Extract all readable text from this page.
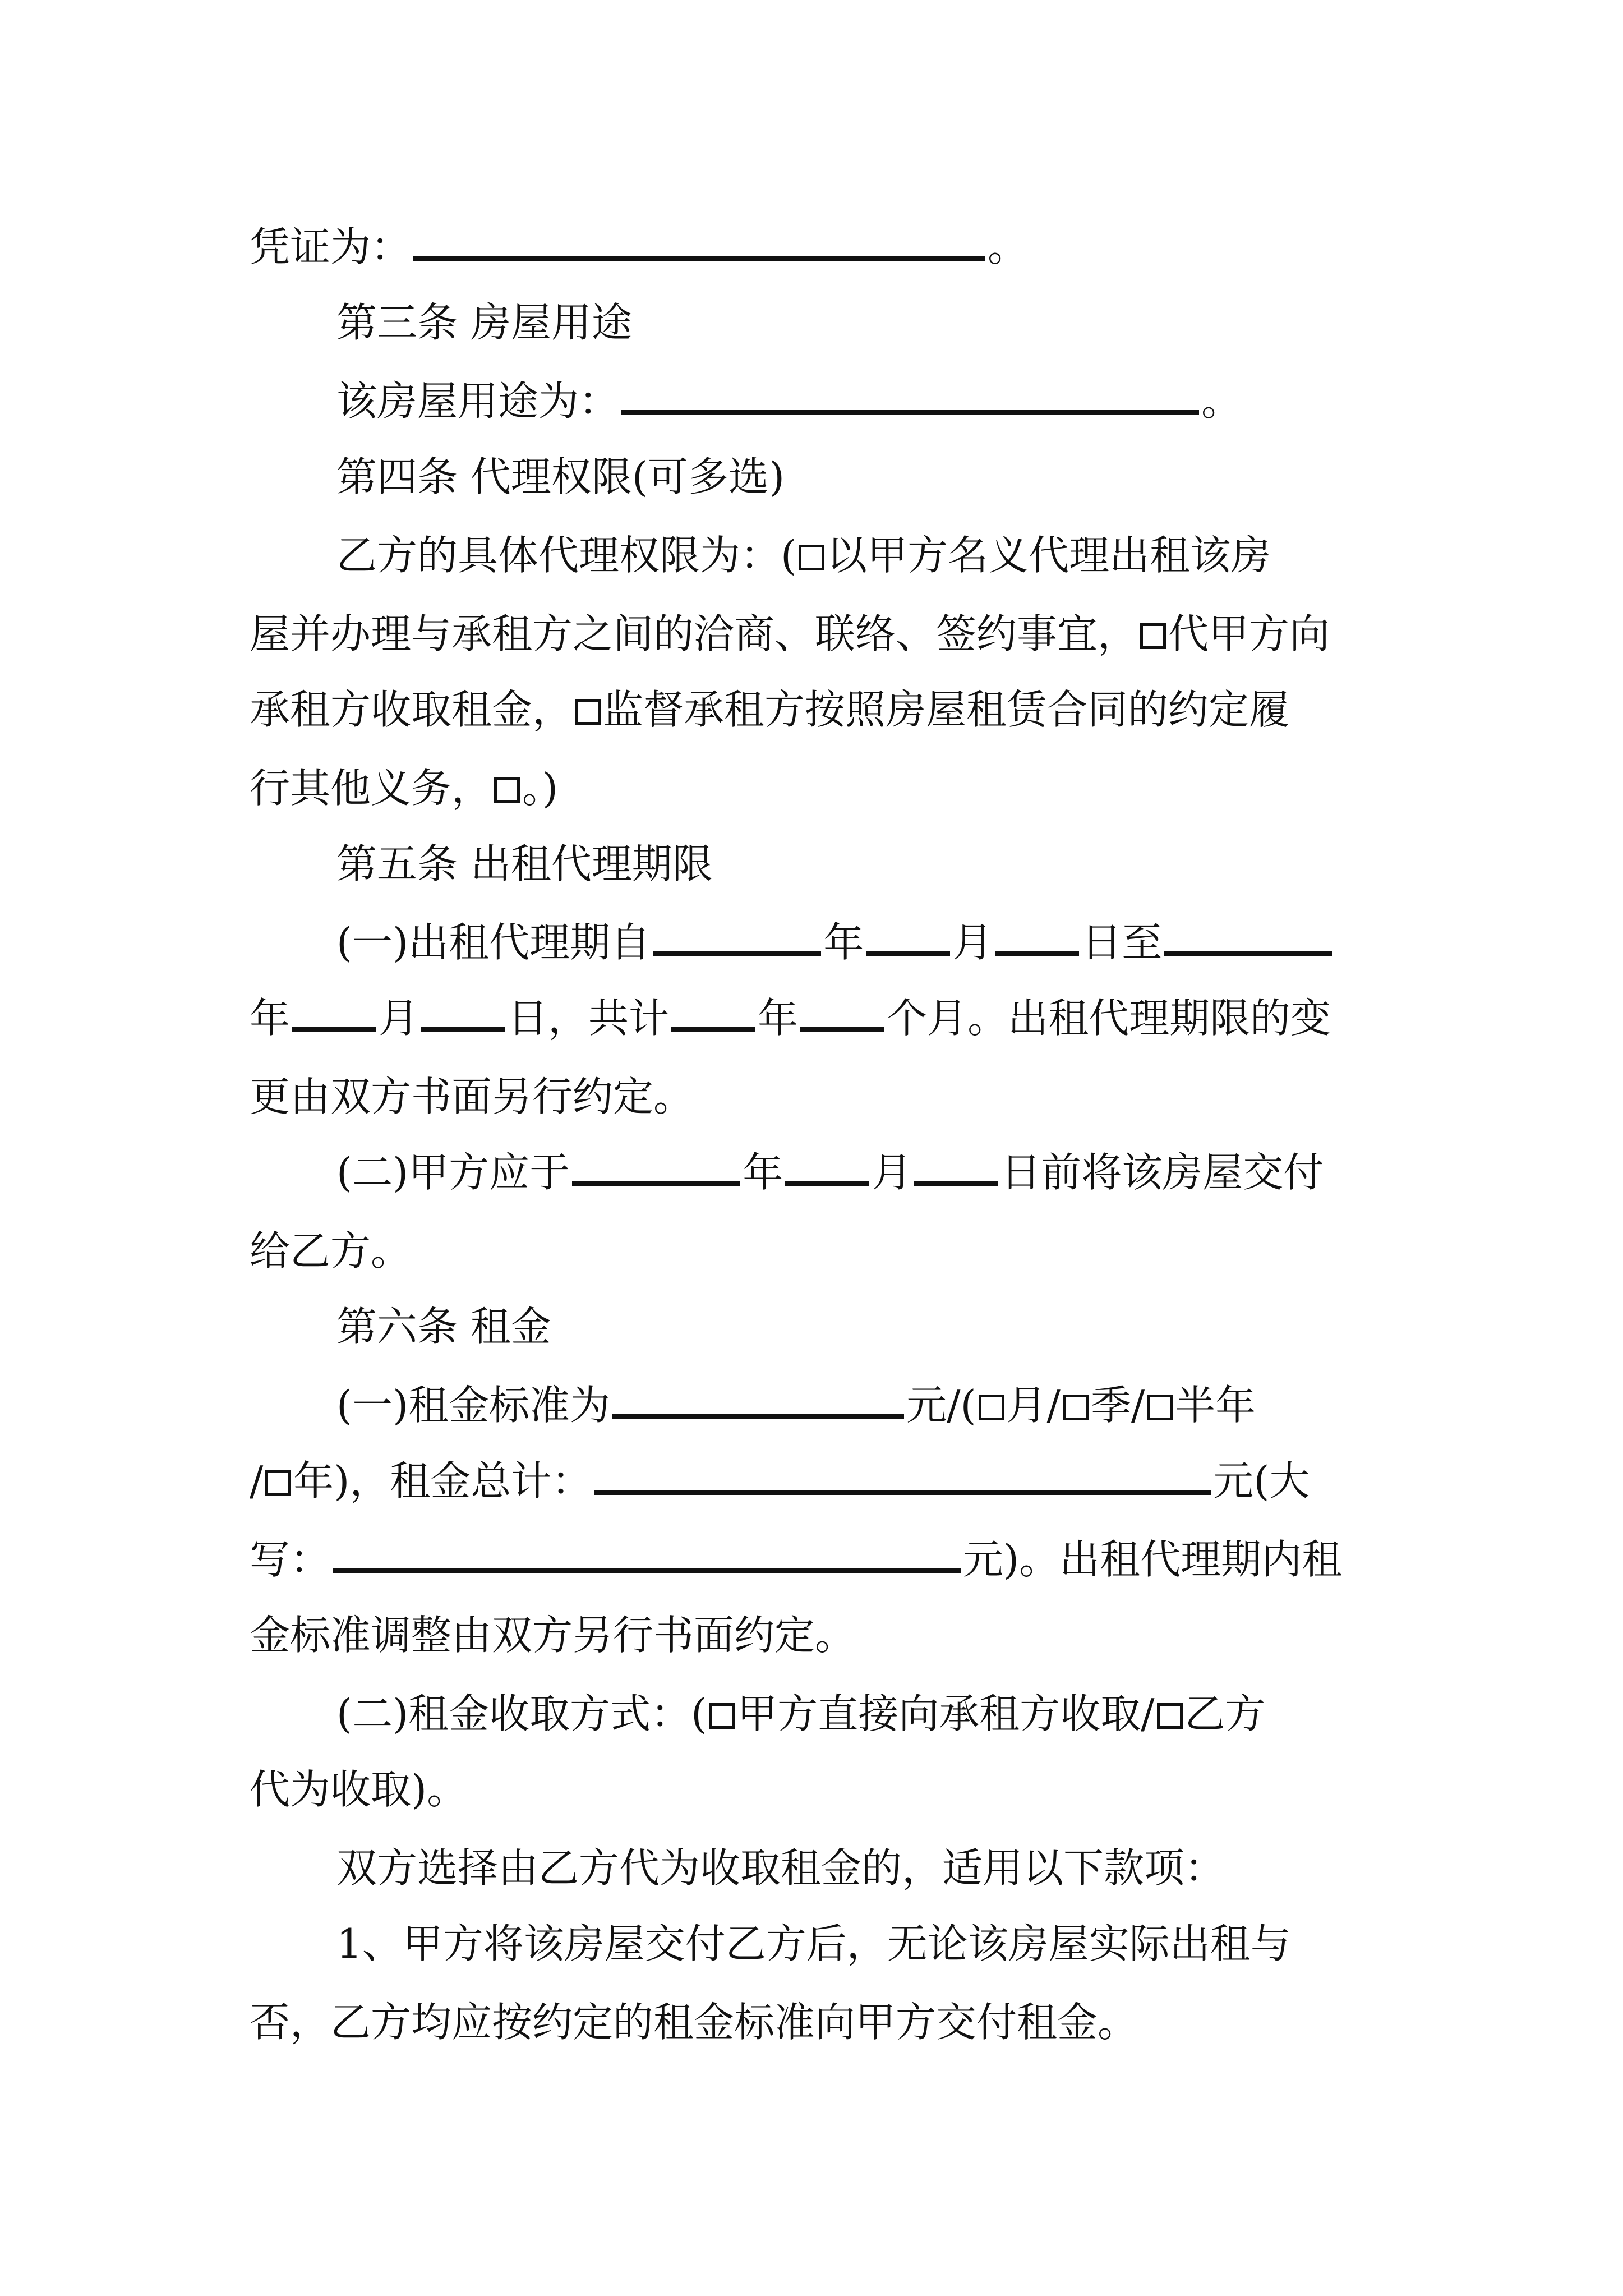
凭证为：	。
第三条 房屋用途
该房屋用途为：	。
第四条 代理权限(可多选)
乙方的具体代理权限为：( 以甲方名义代理出租该房
屋并办理与承租方之间的洽商、联络、签约事宜， 代甲方向
承租方收取租金， 监督承租方按照房屋租赁合同的约定履
行其他义务， 。)
第五条 出租代理期限
(一)出租代理期自	年 月 日至
年 月 日，共计 年 个月。出租代理期限的变
更由双方书面另行约定。
(二)甲方应于	年 月 日前将该房屋交付
给乙方。
第六条 租金
(一)租金标准为	元/( 月/ 季/ 半年
/ 年)，租金总计：	元(大
写：	元)。出租代理期内租
金标准调整由双方另行书面约定。
(二)租金收取方式：( 甲方直接向承租方收取/ 乙方
代为收取)。
双方选择由乙方代为收取租金的，适用以下款项：
1、甲方将该房屋交付乙方后，无论该房屋实际出租与
否，乙方均应按约定的租金标准向甲方交付租金。
